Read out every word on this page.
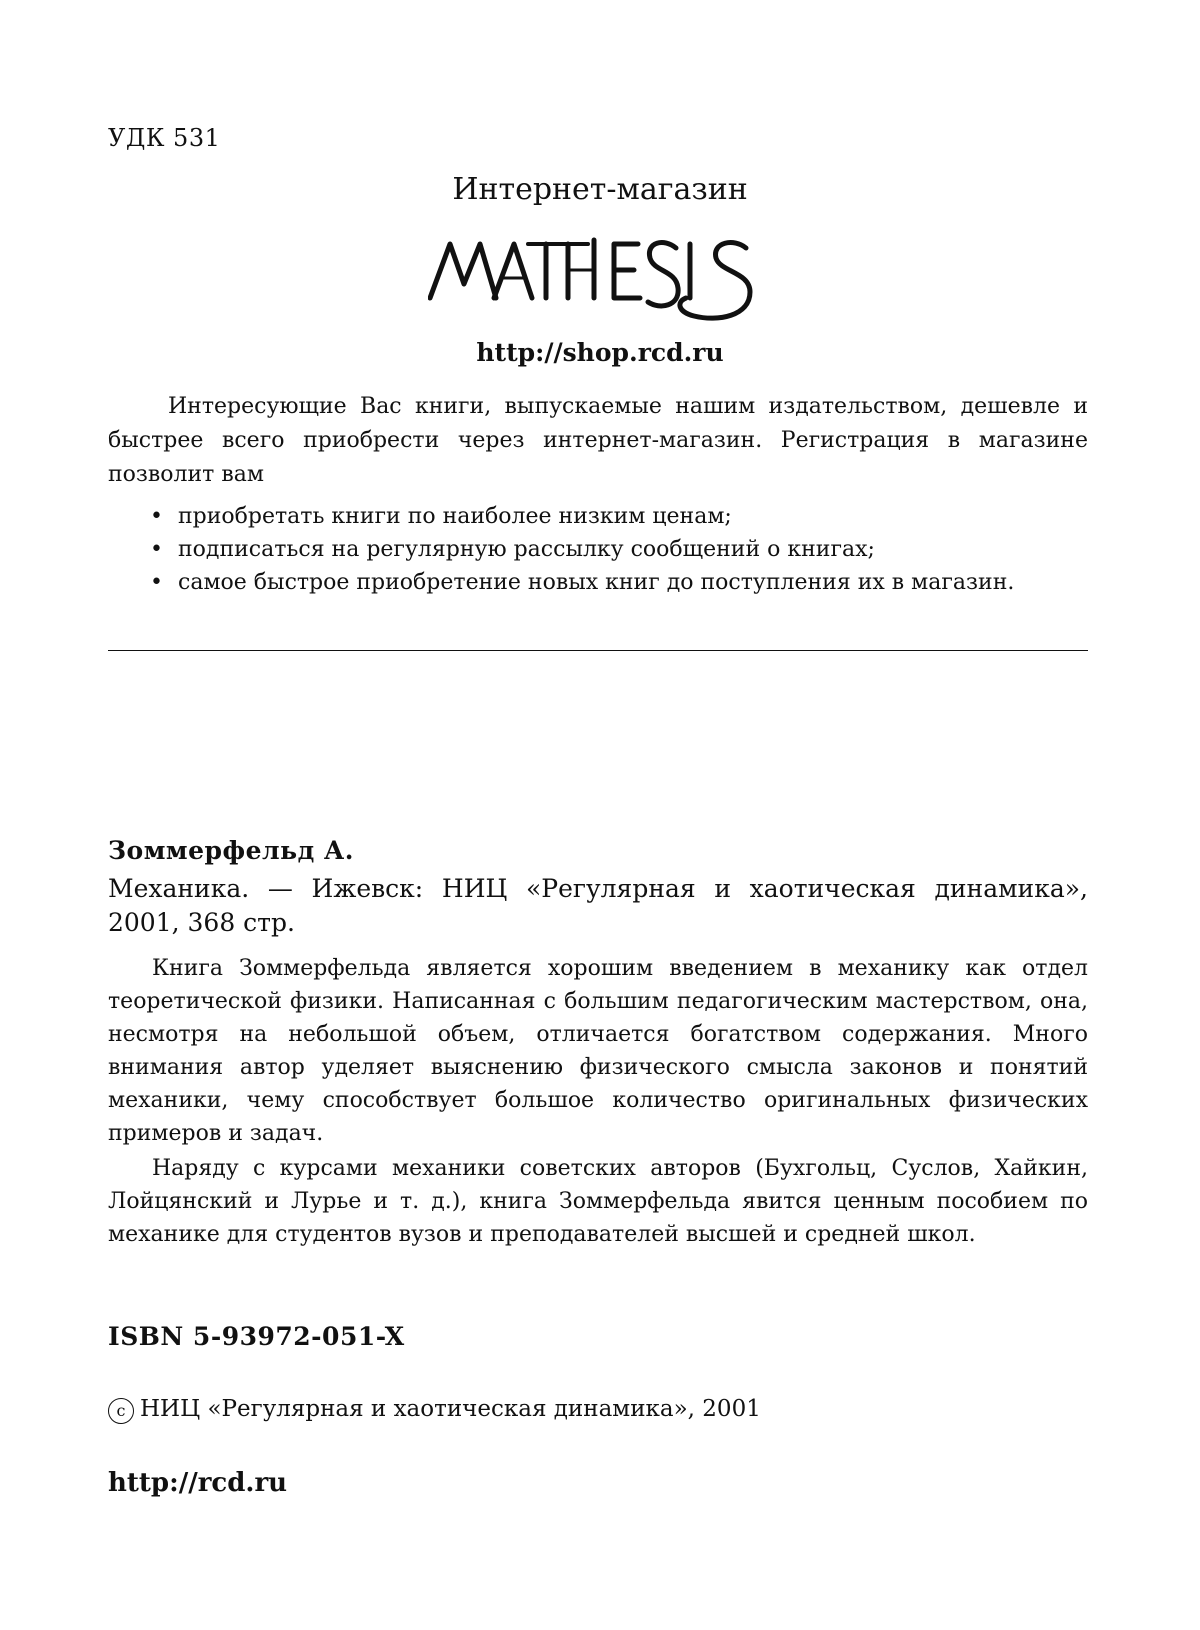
УДК 531
Интернет-магазин
http://shop.rcd.ru

Интересующие Вас книги, выпускаемые нашим издательством, дешевле и быстрее всего приобрести через интернет-магазин. Регистрация в магазине позволит вам

• приобретать книги по наиболее низким ценам;
• подписаться на регулярную рассылку сообщений о книгах;
• самое быстрое приобретение новых книг до поступления их в магазин.
Зоммерфельд А.

Механика. — Ижевск: НИЦ «Регулярная и хаотическая динамика», 2001, 368 стр.

Книга Зоммерфельда является хорошим введением в механику как отдел теоретической физики. Написанная с большим педагогическим мастерством, она, несмотря на небольшой объем, отличается богатством содержания. Много внимания автор уделяет выяснению физического смысла законов и понятий механики, чему способствует большое количество оригинальных физических примеров и задач.

Наряду с курсами механики советских авторов (Бухгольц, Суслов, Хайкин, Лойцянский и Лурье и т. д.), книга Зоммерфельда явится ценным пособием по механике для студентов вузов и преподавателей высшей и средней школ.

ISBN 5-93972-051-X
c НИЦ «Регулярная и хаотическая динамика», 2001
http://rcd.ru
